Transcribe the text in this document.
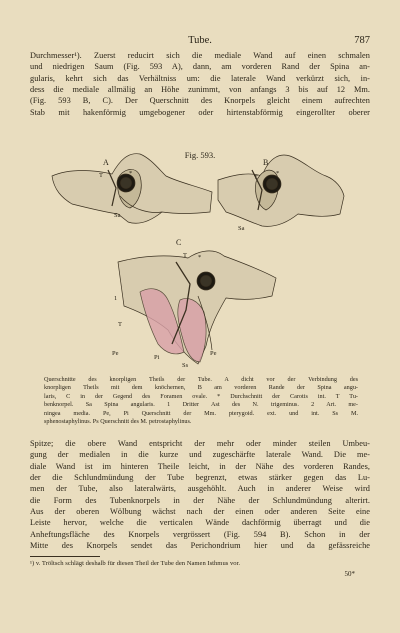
Tube.	787
Durchmesser¹). Zuerst reducirt sich die mediale Wand auf einen schmalen
und niedrigen Saum (Fig. 593 A), dann, am vorderen Rand der Spina an-
gularis, kehrt sich das Verhältniss um: die laterale Wand verkürzt sich, in-
dess die mediale allmälig an Höhe zunimmt, von anfangs 3 bis auf 12 Mm.
(Fig. 593 B, C). Der Querschnitt des Knorpels gleicht einem aufrechten
Stab mit hakenförmig umgebogener oder hirtenstabförmig eingerollter oberer
Fig. 593.
A	B
C
T	*
Sa
T
*
Sa
T *
1
T
Pe
Pi
Ss
Pe
Querschnitte des knorpligen Theils der Tube. A dicht vor der Verbindung des
knorpligen Theils mit dem knöchernen, B am vorderen Rande der Spina angu-
laris, C in der Gegend des Foramen ovale. * Durchschnitt der Carotis int. T Tu-
benknorpel. Sa Spina angularis. 1 Dritter Ast des N. trigeminus. 2 Art. me-
ningea media. Pe, Pi Querschnitt der Mm. pterygoid. ext. und int. Ss M.
sphenostaphylinus. Ps Querschnitt des M. petrostaphylinus.
Spitze; die obere Wand entspricht der mehr oder minder steilen Umbeu-
gung der medialen in die kurze und zugeschärfte laterale Wand. Die me-
diale Wand ist im hinteren Theile leicht, in der Nähe des vorderen Randes,
der die Schlundmündung der Tube begrenzt, etwas stärker gegen das Lu-
men der Tube, also lateralwärts, ausgehöhlt. Auch in anderer Weise wird
die Form des Tubenknorpels in der Nähe der Schlundmündung alterirt.
Aus der oberen Wölbung wächst nach der einen oder anderen Seite eine
Leiste hervor, welche die verticalen Wände dachförmig überragt und die
Anheftungsfläche des Knorpels vergrössert (Fig. 594 B). Schon in der
Mitte des Knorpels sendet das Perichondrium hier und da gefässreiche
¹) v. Tröltsch schlägt deshalb für diesen Theil der Tube den Namen Isthmus vor.
50*
